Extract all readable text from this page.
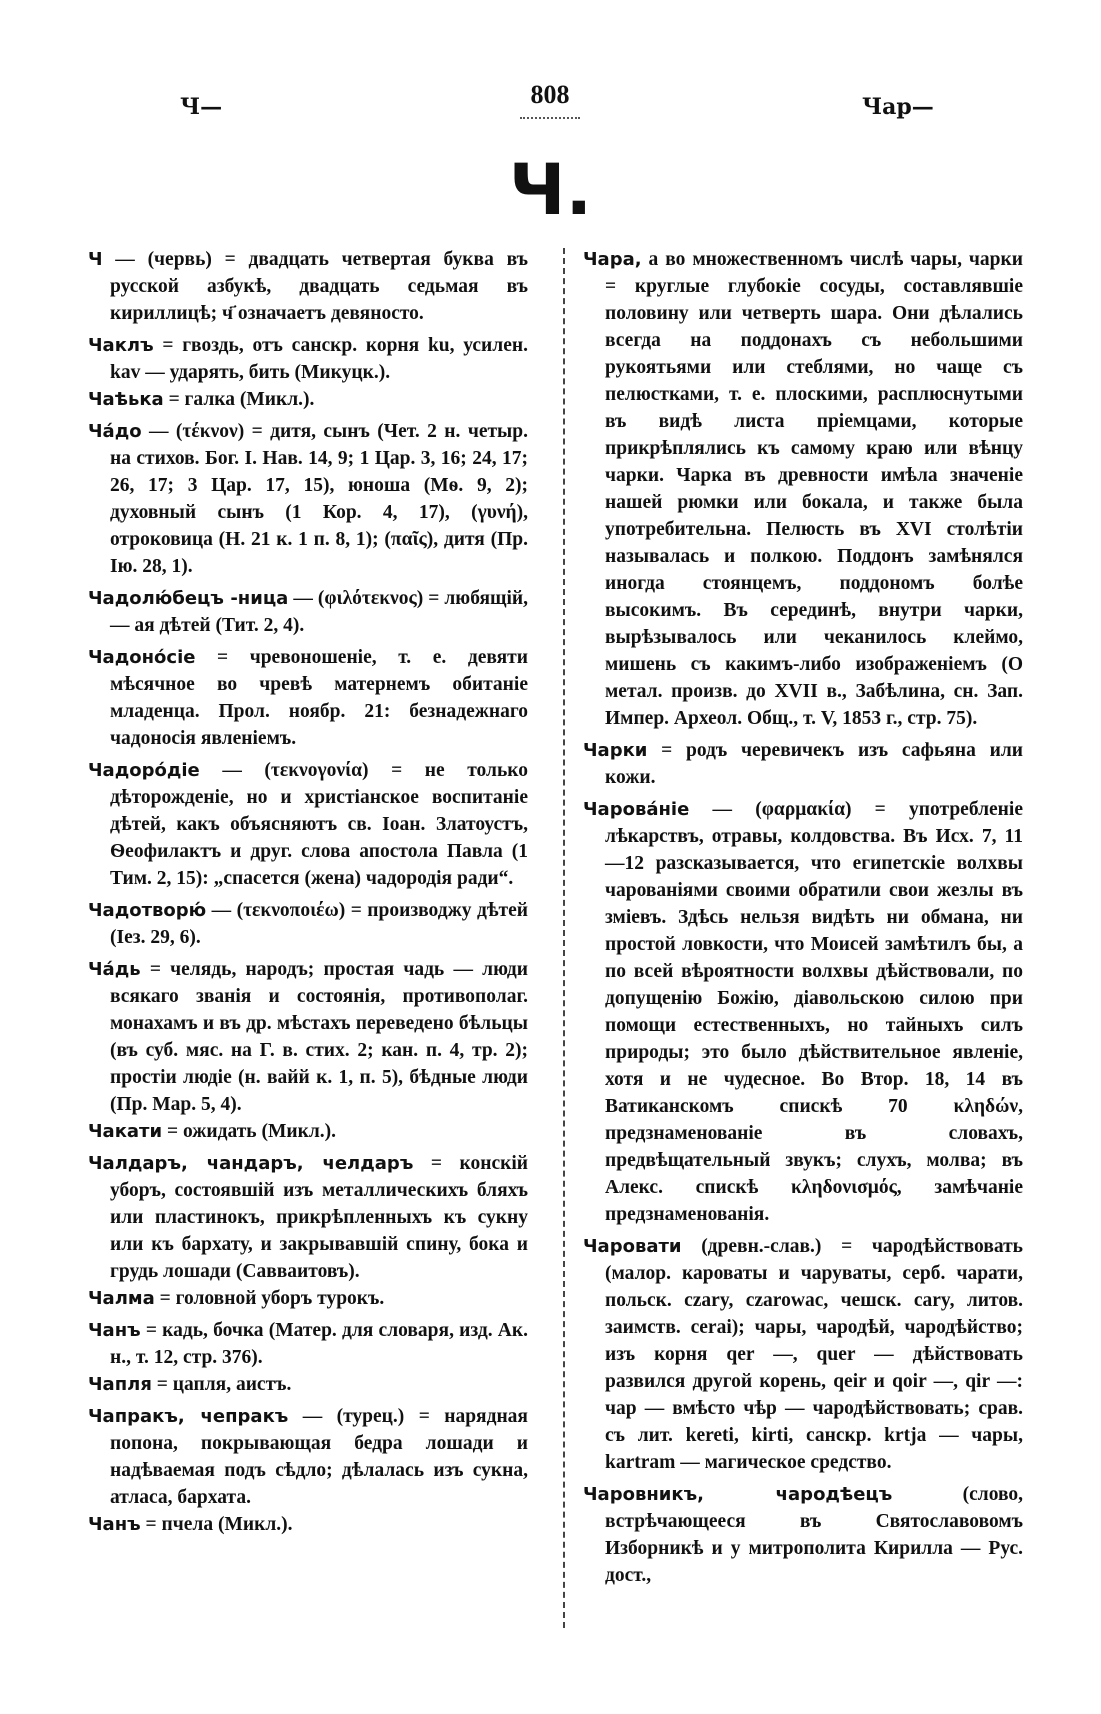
Ч—	808	Чар—
Ч.

Ч — (червь) = двадцать четвертая буква въ русской азбукѣ, двадцать седьмая въ кириллицѣ; ч҃ означаетъ девяносто.

Чаклъ = гвоздь, отъ санскр. корня ku, усилен. kav — ударять, бить (Микуцк.).

Чаѣька = галка (Микл.).

Ча́до — (τέκνον) = дитя, сынъ (Чет. 2 н. четыр. на стихов. Бог. I. Нав. 14, 9; 1 Цар. 3, 16; 24, 17; 26, 17; 3 Цар. 17, 15), юноша (Мѳ. 9, 2); духовный сынъ (1 Кор. 4, 17), (γυνή), отроковица (Н. 21 к. 1 п. 8, 1); (παῖς), дитя (Пр. Ію. 28, 1).

Чадолю́бецъ -ница — (φιλότεκνος) = любящій, — ая дѣтей (Тит. 2, 4).

Чадоно́сіе = чревоношеніе, т. е. девяти мѣсячное во чревѣ матернемъ обитаніе младенца. Прол. ноябр. 21: безнадежнаго чадоносія явленіемъ.

Чадоро́діе — (τεκνογονία) = не только дѣторожденіе, но и христіанское воспитаніе дѣтей, какъ объясняютъ св. Іоан. Златоустъ, Ѳеофилактъ и друг. слова апостола Павла (1 Тим. 2, 15): „спасется (жена) чадородія ради“.

Чадотворю́ — (τεκνοποιέω) = производжу дѣтей (Іез. 29, 6).

Ча́дь = челядь, народъ; простая чадь — люди всякаго званія и состоянія, противополаг. монахамъ и въ др. мѣстахъ переведено бѣльцы (въ суб. мяс. на Г. в. стих. 2; кан. п. 4, тр. 2); простіи людіе (н. вайй к. 1, п. 5), бѣдные люди (Пр. Мар. 5, 4).

Чакати = ожидать (Микл.).

Чалдаръ, чандаръ, челдаръ = конскій уборъ, состоявшій изъ металлическихъ бляхъ или пластинокъ, прикрѣпленныхъ къ сукну или къ бархату, и закрывавшій спину, бока и грудь лошади (Савваитовъ).

Чалма = головной уборъ турокъ.

Чанъ = кадь, бочка (Матер. для словаря, изд. Ак. н., т. 12, стр. 376).

Чапля = цапля, аистъ.

Чапракъ, чепракъ — (турец.) = нарядная попона, покрывающая бедра лошади и надѣваемая подъ сѣдло; дѣлалась изъ сукна, атласа, бархата.

Чанъ = пчела (Микл.).

Чара, а во множественномъ числѣ чары, чарки = круглые глубокіе сосуды, составлявшіе половину или четверть шара. Они дѣлались всегда на поддонахъ съ небольшими рукоятьями или стеблями, но чаще съ пелюстками, т. е. плоскими, расплюснутыми въ видѣ листа пріемцами, которые прикрѣплялись къ самому краю или вѣнцу чарки. Чарка въ древности имѣла значеніе нашей рюмки или бокала, и также была употребительна. Пелюсть въ XVI столѣтіи называлась и полкою. Поддонъ замѣнялся иногда стоянцемъ, поддономъ болѣе высокимъ. Въ серединѣ, внутри чарки, вырѣзывалось или чеканилось клеймо, мишень съ какимъ-либо изображеніемъ (О метал. произв. до XVII в., Забѣлина, сн. Зап. Импер. Археол. Общ., т. V, 1853 г., стр. 75).

Чарки = родъ черевичекъ изъ сафьяна или кожи.

Чарова́ніе — (φαρμακία) = употребленіе лѣкарствъ, отравы, колдовства. Въ Исх. 7, 11—12 разсказывается, что египетскіе волхвы чарованіями своими обратили свои жезлы въ зміевъ. Здѣсь нельзя видѣть ни обмана, ни простой ловкости, что Моисей замѣтилъ бы, а по всей вѣроятности волхвы дѣйствовали, по допущенію Божію, діавольскою силою при помощи естественныхъ, но тайныхъ силъ природы; это было дѣйствительное явленіе, хотя и не чудесное. Во Втор. 18, 14 въ Ватиканскомъ спискѣ 70 κληδών, предзнаменованіе въ словахъ, предвѣщательный звукъ; слухъ, молва; въ Алекс. спискѣ κληδονισμός, замѣчаніе предзнаменованія.

Чаровати (древн.-слав.) = чародѣйствовать (малор. кароваты и чаруваты, серб. чарати, польск. czary, czarowac, чешск. cary, литов. заимств. cerai); чары, чародѣй, чародѣйство; изъ корня qer —, quer — дѣйствовать развился другой корень, qeir и qoir —, qir —: чар — вмѣсто чѣр — чародѣйствовать; срав. съ лит. kereti, kirti, санскр. krtja — чары, kartram — магическое средство.

Чаровникъ, чародѣецъ (слово, встрѣчающееся въ Святославовомъ Изборникѣ и у митрополита Кирилла — Рус. дост.,
